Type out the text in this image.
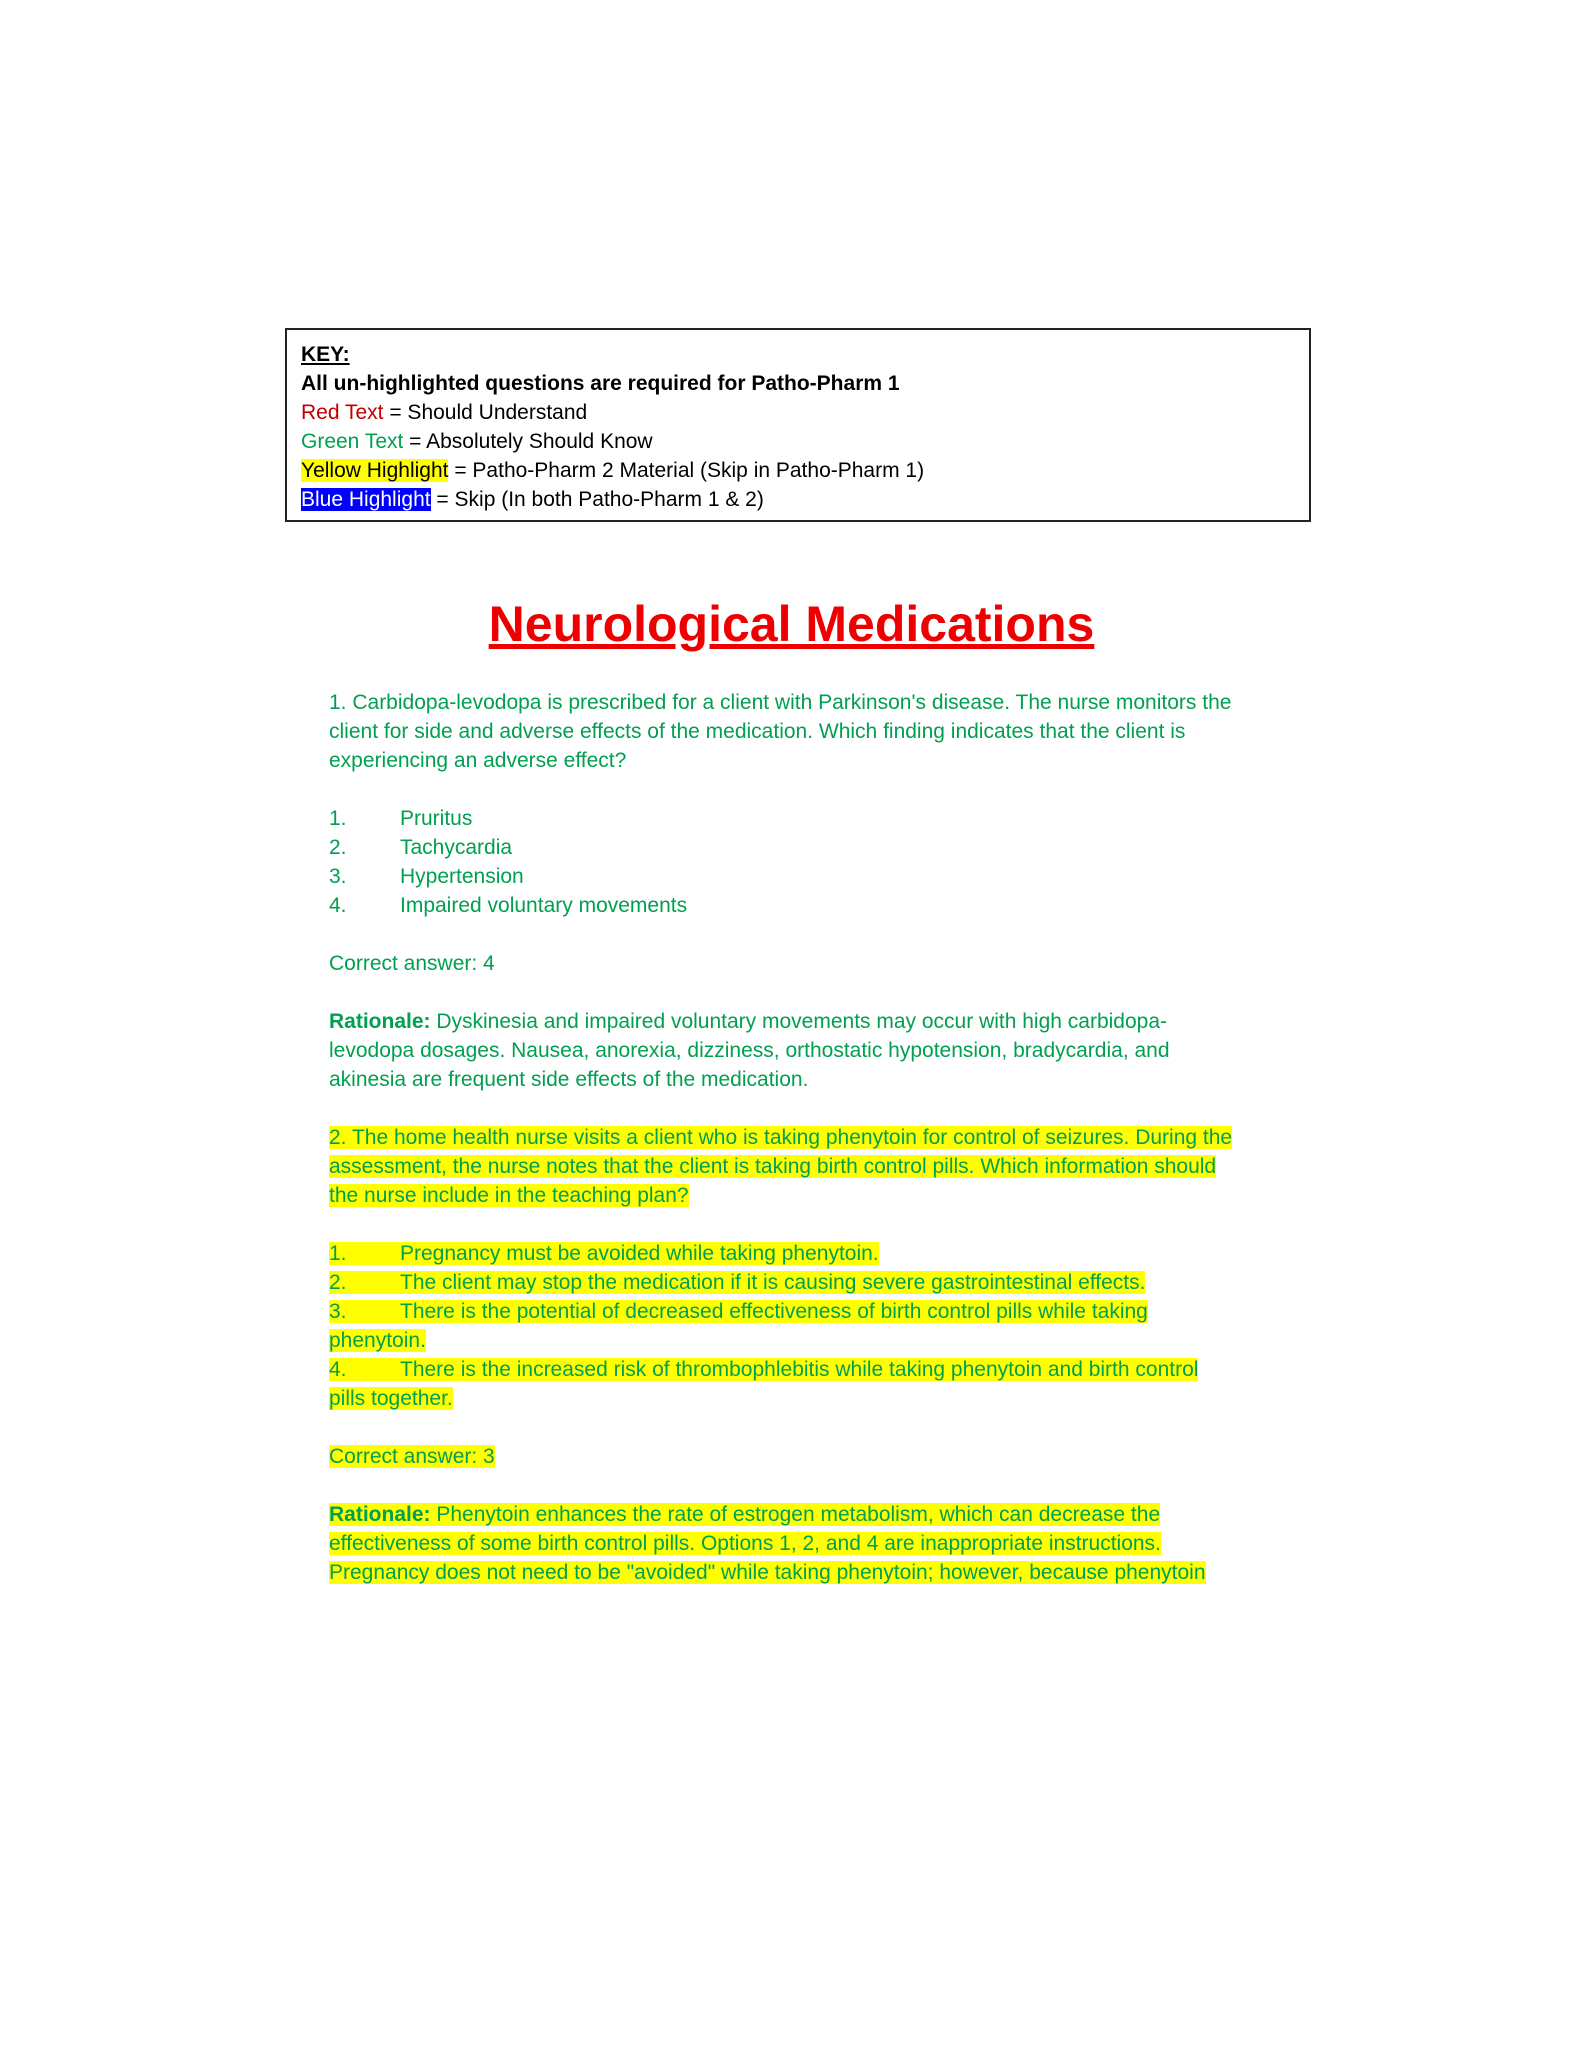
KEY:
All un-highlighted questions are required for Patho-Pharm 1
Red Text = Should Understand
Green Text = Absolutely Should Know
Yellow Highlight = Patho-Pharm 2 Material (Skip in Patho-Pharm 1)
Blue Highlight = Skip (In both Patho-Pharm 1 & 2)
Neurological Medications

1. Carbidopa-levodopa is prescribed for a client with Parkinson's disease. The nurse monitors the client for side and adverse effects of the medication. Which finding indicates that the client is experiencing an adverse effect?

1.	Pruritus
2.	Tachycardia
3.	Hypertension
4.	Impaired voluntary movements

Correct answer: 4

Rationale: Dyskinesia and impaired voluntary movements may occur with high carbidopa-levodopa dosages. Nausea, anorexia, dizziness, orthostatic hypotension, bradycardia, and akinesia are frequent side effects of the medication.

2. The home health nurse visits a client who is taking phenytoin for control of seizures. During the assessment, the nurse notes that the client is taking birth control pills. Which information should the nurse include in the teaching plan?

1.	Pregnancy must be avoided while taking phenytoin.
2.	The client may stop the medication if it is causing severe gastrointestinal effects.
3.	There is the potential of decreased effectiveness of birth control pills while taking
phenytoin.
4.	There is the increased risk of thrombophlebitis while taking phenytoin and birth control
pills together.

Correct answer: 3

Rationale: Phenytoin enhances the rate of estrogen metabolism, which can decrease the effectiveness of some birth control pills. Options 1, 2, and 4 are inappropriate instructions. Pregnancy does not need to be "avoided" while taking phenytoin; however, because phenytoin
